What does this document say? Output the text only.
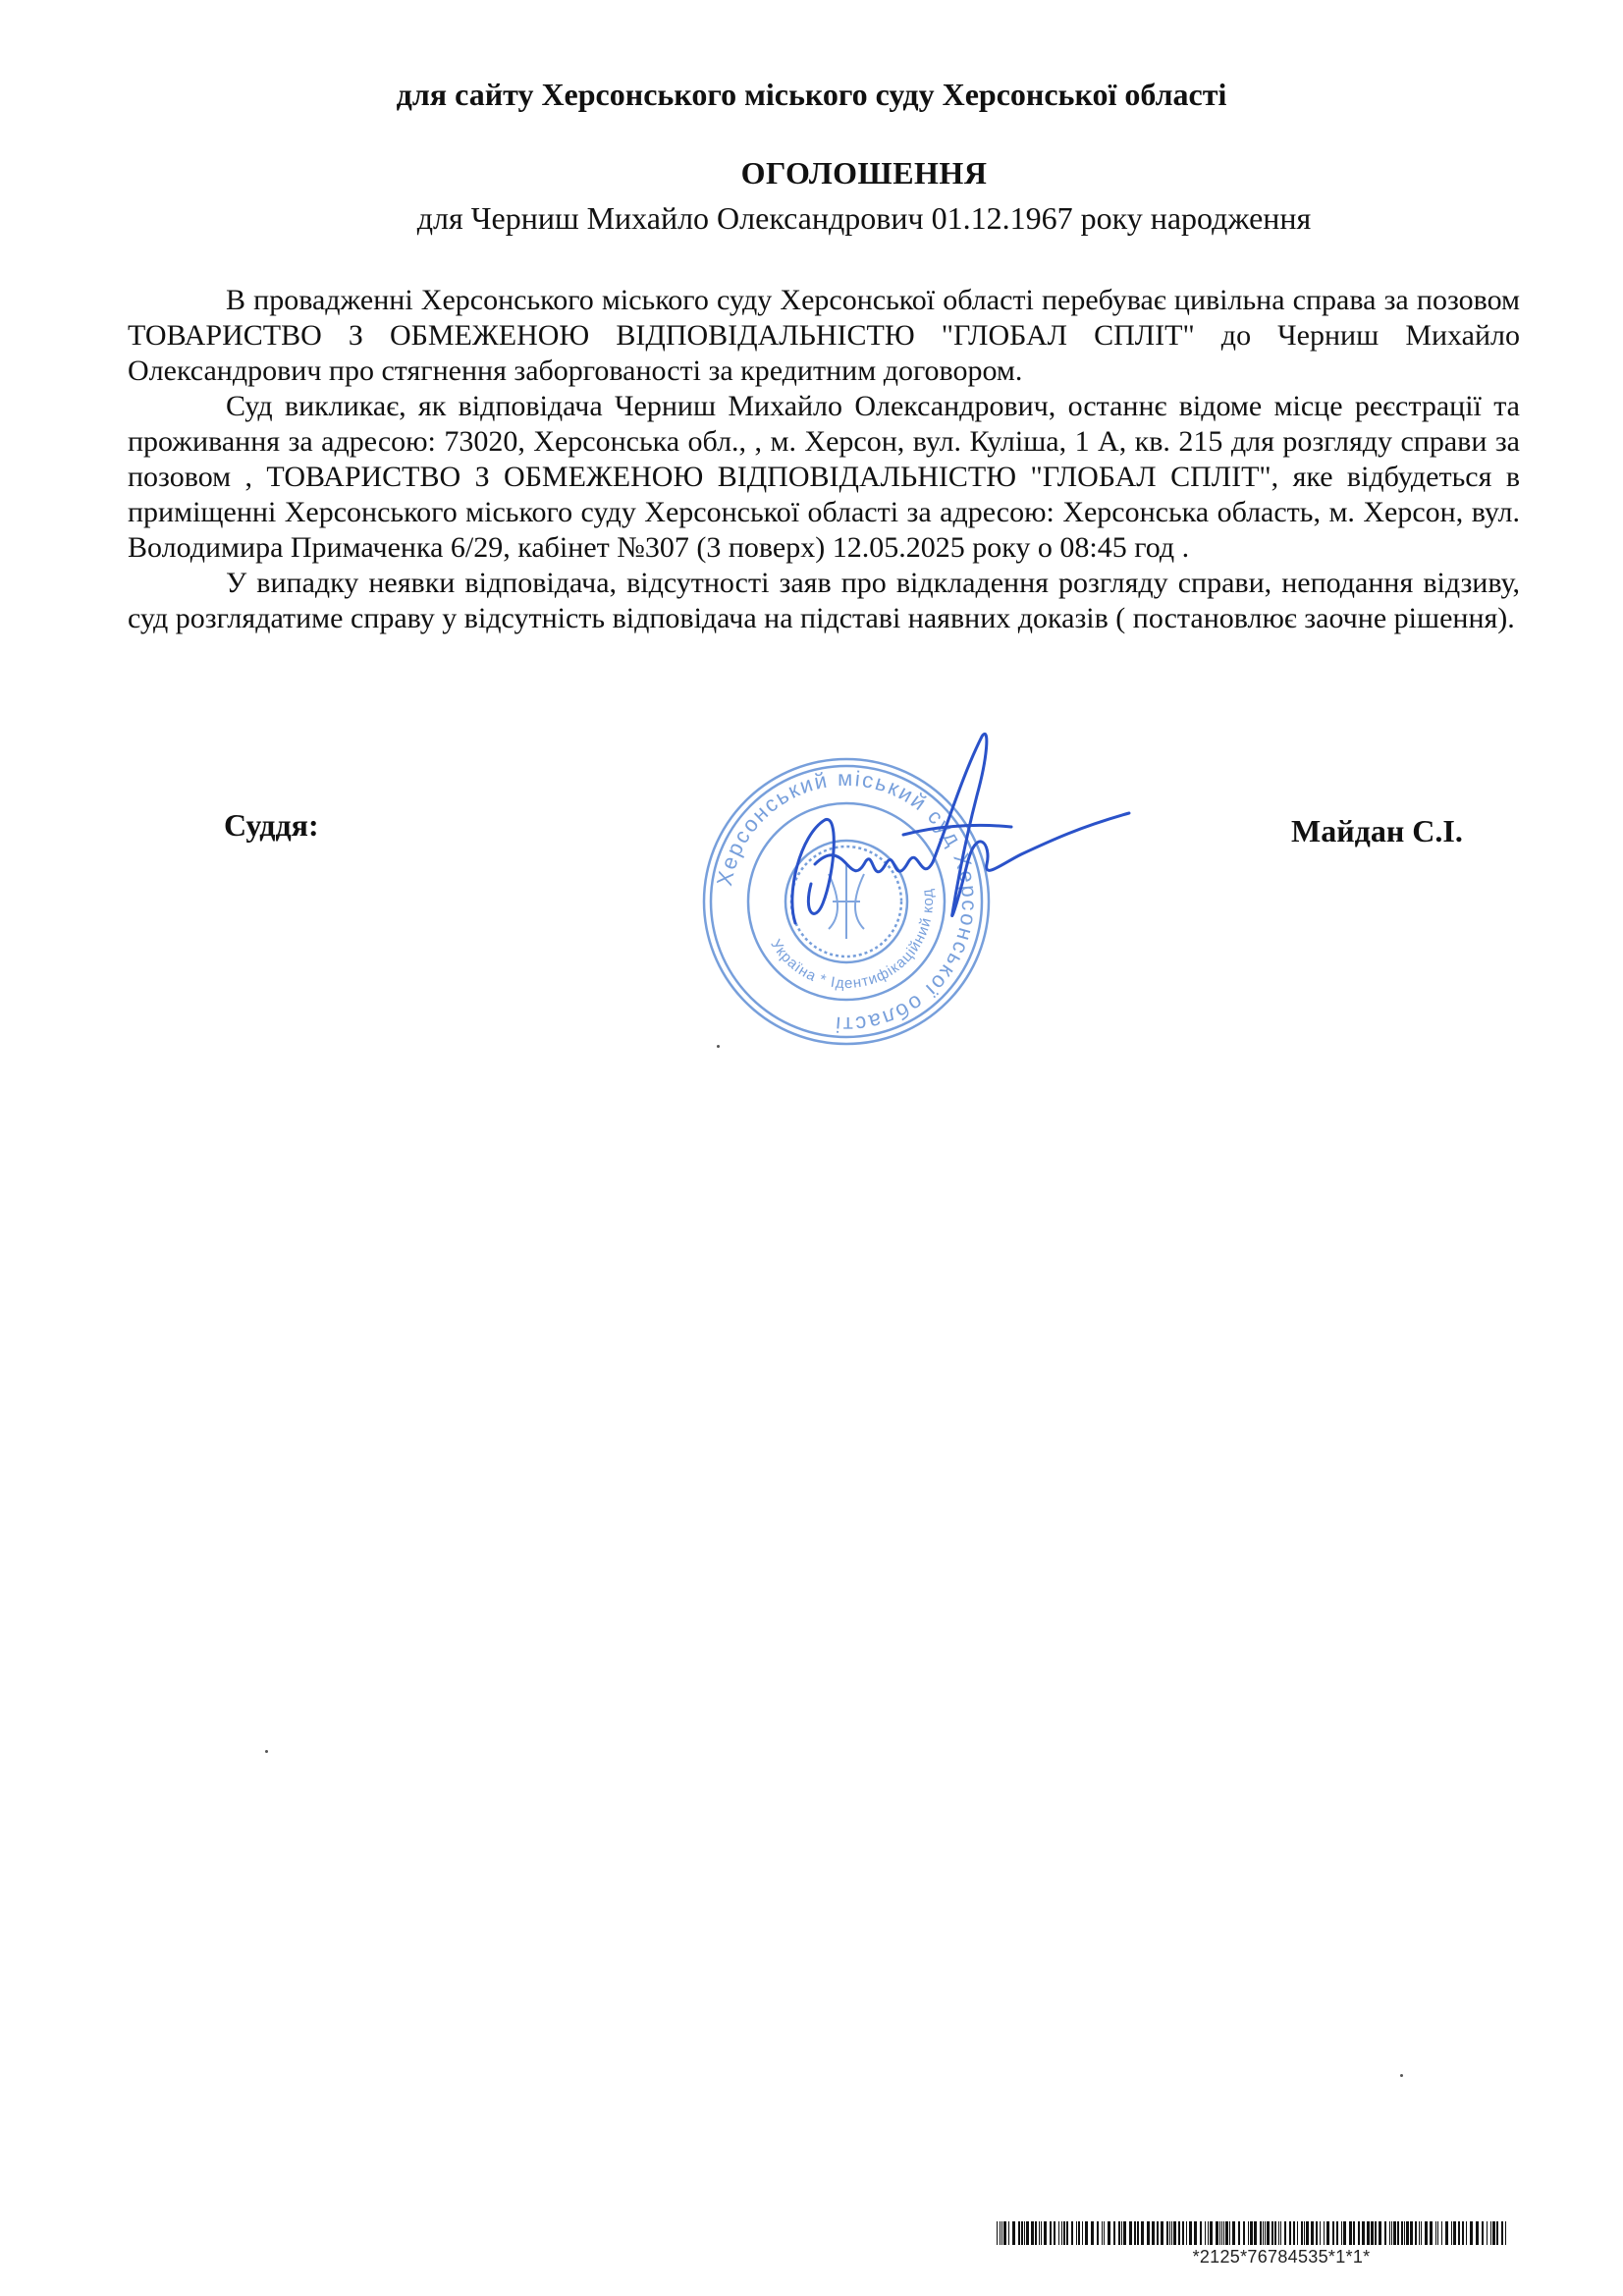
для сайту Херсонського міського суду Херсонської області
ОГОЛОШЕННЯ
для Черниш Михайло Олександрович 01.12.1967 року народження

В провадженні Херсонського міського суду Херсонської області перебуває цивільна справа за позовом ТОВАРИСТВО З ОБМЕЖЕНОЮ ВІДПОВІДАЛЬНІСТЮ "ГЛОБАЛ СПЛІТ" до Черниш Михайло Олександрович про стягнення заборгованості за кредитним договором.

Суд викликає, як відповідача Черниш Михайло Олександрович, останнє відоме місце реєстрації та проживання за адресою: 73020, Херсонська обл., , м. Херсон, вул. Куліша, 1 А, кв. 215 для розгляду справи за позовом , ТОВАРИСТВО З ОБМЕЖЕНОЮ ВІДПОВІДАЛЬНІСТЮ "ГЛОБАЛ СПЛІТ", яке відбудеться в приміщенні Херсонського міського суду Херсонської області за адресою: Херсонська область, м. Херсон, вул. Володимира Примаченка 6/29, кабінет №307 (3 поверх) 12.05.2025 року о 08:45 год .

У випадку неявки відповідача, відсутності заяв про відкладення розгляду справи, неподання відзиву, суд розглядатиме справу у відсутність відповідача на підставі наявних доказів ( постановлює заочне рішення).

Херсонський міський суд Херсонської області
Україна * Ідентифікаційний код
Суддя:	Майдан С.І.
*2125*76784535*1*1*
